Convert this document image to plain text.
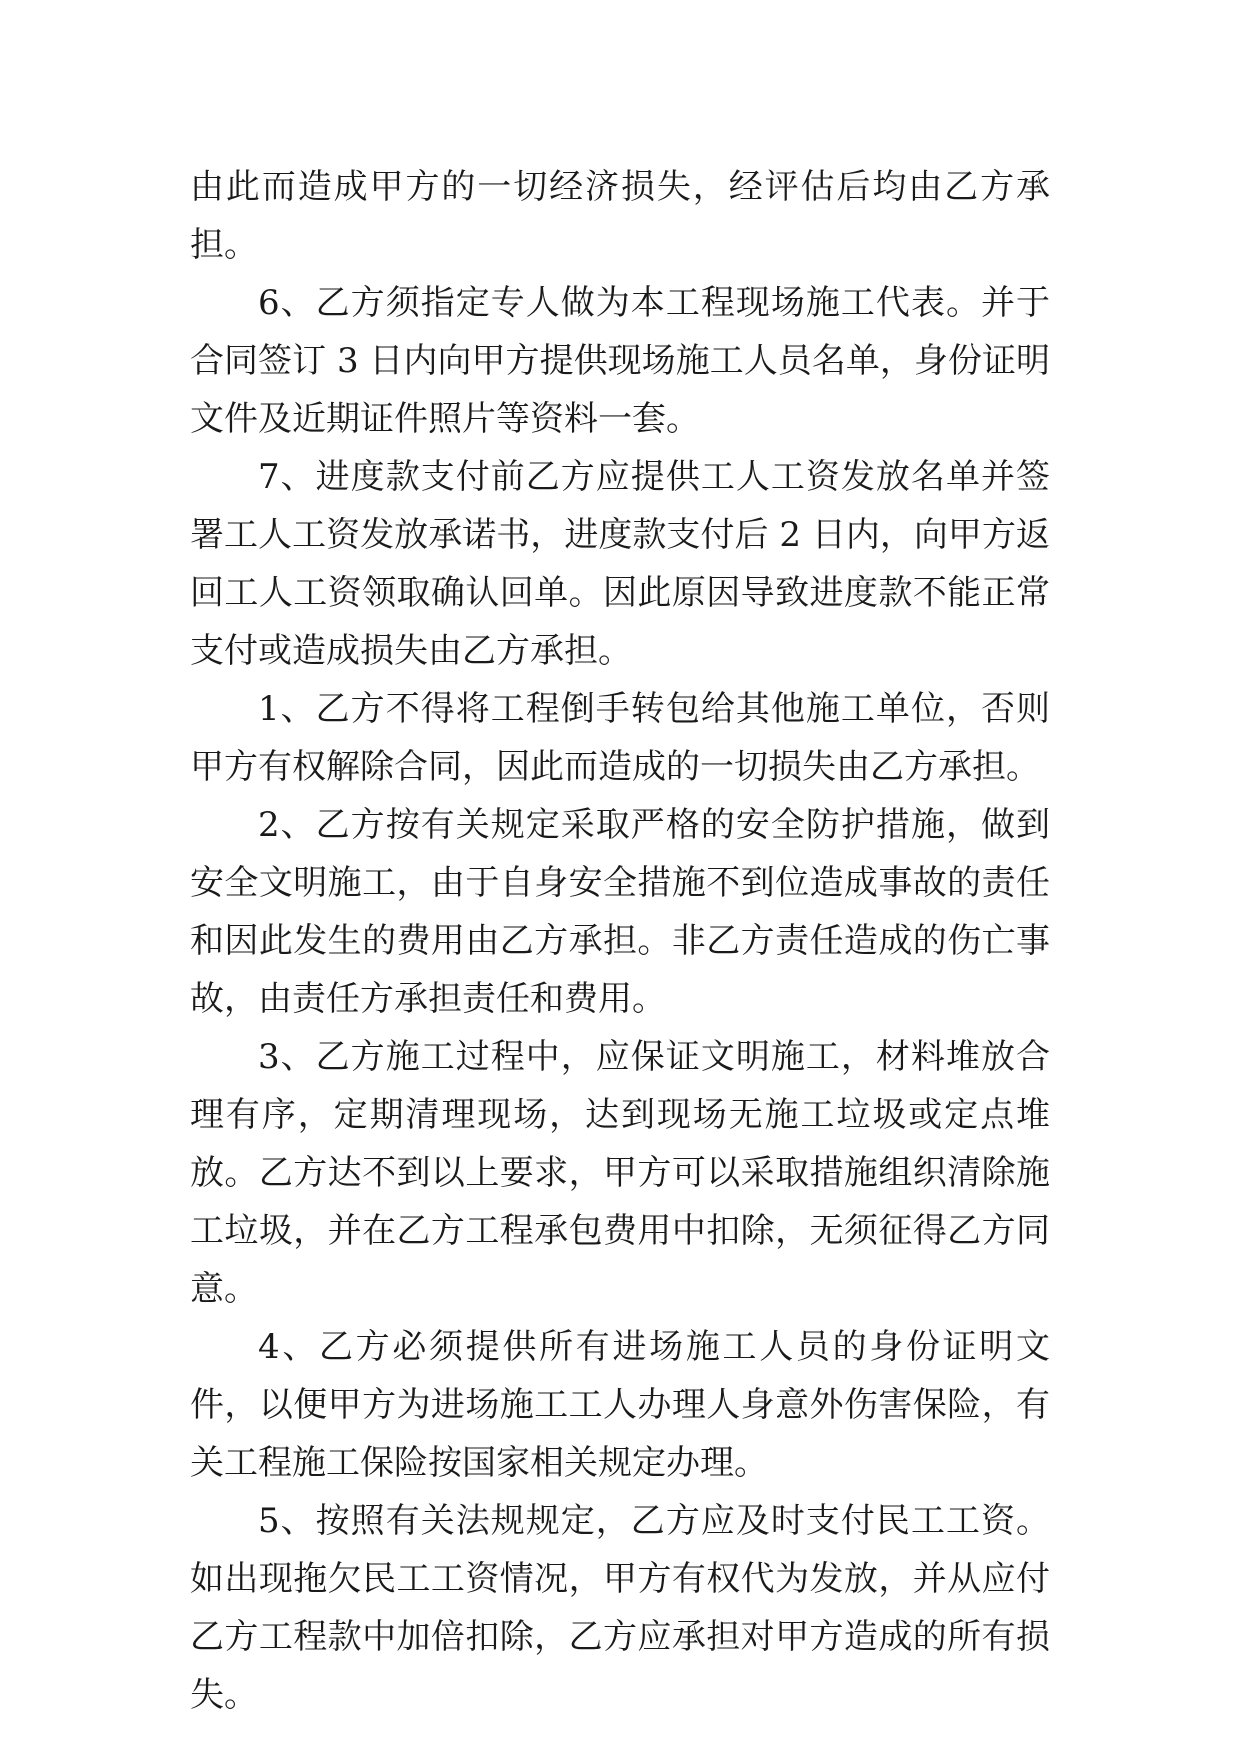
由此而造成甲方的一切经济损失，经评估后均由乙方承担。

6、乙方须指定专人做为本工程现场施工代表。并于合同签订 3 日内向甲方提供现场施工人员名单，身份证明文件及近期证件照片等资料一套。

7、进度款支付前乙方应提供工人工资发放名单并签署工人工资发放承诺书，进度款支付后 2 日内，向甲方返回工人工资领取确认回单。因此原因导致进度款不能正常支付或造成损失由乙方承担。

1、乙方不得将工程倒手转包给其他施工单位，否则甲方有权解除合同，因此而造成的一切损失由乙方承担。

2、乙方按有关规定采取严格的安全防护措施，做到安全文明施工，由于自身安全措施不到位造成事故的责任和因此发生的费用由乙方承担。非乙方责任造成的伤亡事故，由责任方承担责任和费用。

3、乙方施工过程中，应保证文明施工，材料堆放合理有序，定期清理现场，达到现场无施工垃圾或定点堆放。乙方达不到以上要求，甲方可以采取措施组织清除施工垃圾，并在乙方工程承包费用中扣除，无须征得乙方同意。

4、乙方必须提供所有进场施工人员的身份证明文件，以便甲方为进场施工工人办理人身意外伤害保险，有关工程施工保险按国家相关规定办理。

5、按照有关法规规定，乙方应及时支付民工工资。如出现拖欠民工工资情况，甲方有权代为发放，并从应付乙方工程款中加倍扣除，乙方应承担对甲方造成的所有损失。
